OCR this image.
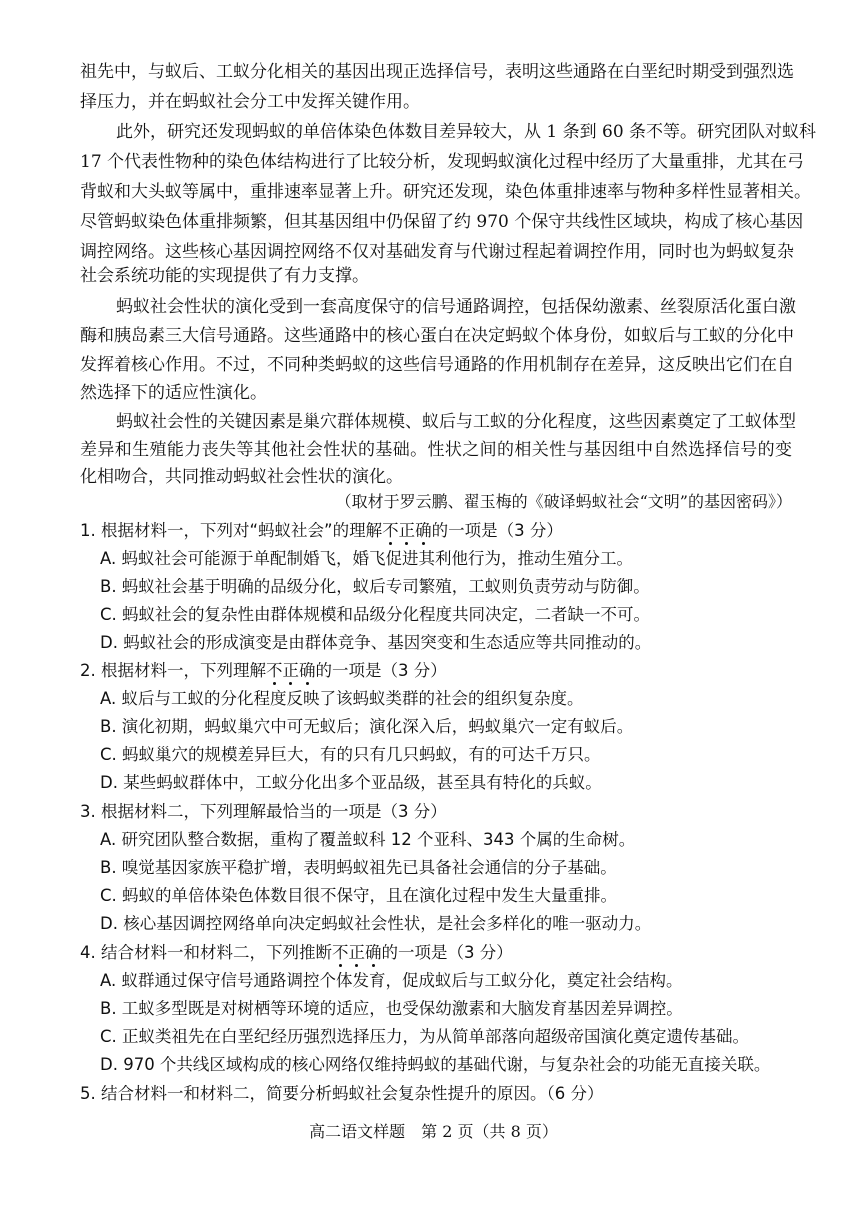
祖先中，与蚁后、工蚁分化相关的基因出现正选择信号，表明这些通路在白垩纪时期受到强烈选
择压力，并在蚂蚁社会分工中发挥关键作用。
此外，研究还发现蚂蚁的单倍体染色体数目差异较大，从 1 条到 60 条不等。研究团队对蚁科
17 个代表性物种的染色体结构进行了比较分析，发现蚂蚁演化过程中经历了大量重排，尤其在弓
背蚁和大头蚁等属中，重排速率显著上升。研究还发现，染色体重排速率与物种多样性显著相关。
尽管蚂蚁染色体重排频繁，但其基因组中仍保留了约 970 个保守共线性区域块，构成了核心基因
调控网络。这些核心基因调控网络不仅对基础发育与代谢过程起着调控作用，同时也为蚂蚁复杂
社会系统功能的实现提供了有力支撑。
蚂蚁社会性状的演化受到一套高度保守的信号通路调控，包括保幼激素、丝裂原活化蛋白激
酶和胰岛素三大信号通路。这些通路中的核心蛋白在决定蚂蚁个体身份，如蚁后与工蚁的分化中
发挥着核心作用。不过，不同种类蚂蚁的这些信号通路的作用机制存在差异，这反映出它们在自
然选择下的适应性演化。
蚂蚁社会性的关键因素是巢穴群体规模、蚁后与工蚁的分化程度，这些因素奠定了工蚁体型
差异和生殖能力丧失等其他社会性状的基础。性状之间的相关性与基因组中自然选择信号的变
化相吻合，共同推动蚂蚁社会性状的演化。
（取材于罗云鹏、翟玉梅的《破译蚂蚁社会“文明”的基因密码》）
1. 根据材料一，下列对“蚂蚁社会”的理解不正确的一项是（3 分）
A. 蚂蚁社会可能源于单配制婚飞，婚飞促进其利他行为，推动生殖分工。
B. 蚂蚁社会基于明确的品级分化，蚁后专司繁殖，工蚁则负责劳动与防御。
C. 蚂蚁社会的复杂性由群体规模和品级分化程度共同决定，二者缺一不可。
D. 蚂蚁社会的形成演变是由群体竞争、基因突变和生态适应等共同推动的。
2. 根据材料一，下列理解不正确的一项是（3 分）
A. 蚁后与工蚁的分化程度反映了该蚂蚁类群的社会的组织复杂度。
B. 演化初期，蚂蚁巢穴中可无蚁后；演化深入后，蚂蚁巢穴一定有蚁后。
C. 蚂蚁巢穴的规模差异巨大，有的只有几只蚂蚁，有的可达千万只。
D. 某些蚂蚁群体中，工蚁分化出多个亚品级，甚至具有特化的兵蚁。
3. 根据材料二，下列理解最恰当的一项是（3 分）
A. 研究团队整合数据，重构了覆盖蚁科 12 个亚科、343 个属的生命树。
B. 嗅觉基因家族平稳扩增，表明蚂蚁祖先已具备社会通信的分子基础。
C. 蚂蚁的单倍体染色体数目很不保守，且在演化过程中发生大量重排。
D. 核心基因调控网络单向决定蚂蚁社会性状，是社会多样化的唯一驱动力。
4. 结合材料一和材料二，下列推断不正确的一项是（3 分）
A. 蚁群通过保守信号通路调控个体发育，促成蚁后与工蚁分化，奠定社会结构。
B. 工蚁多型既是对树栖等环境的适应，也受保幼激素和大脑发育基因差异调控。
C. 正蚁类祖先在白垩纪经历强烈选择压力，为从简单部落向超级帝国演化奠定遗传基础。
D. 970 个共线区域构成的核心网络仅维持蚂蚁的基础代谢，与复杂社会的功能无直接关联。
5. 结合材料一和材料二，简要分析蚂蚁社会复杂性提升的原因。（6 分）
高二语文样题　第 2 页（共 8 页）
